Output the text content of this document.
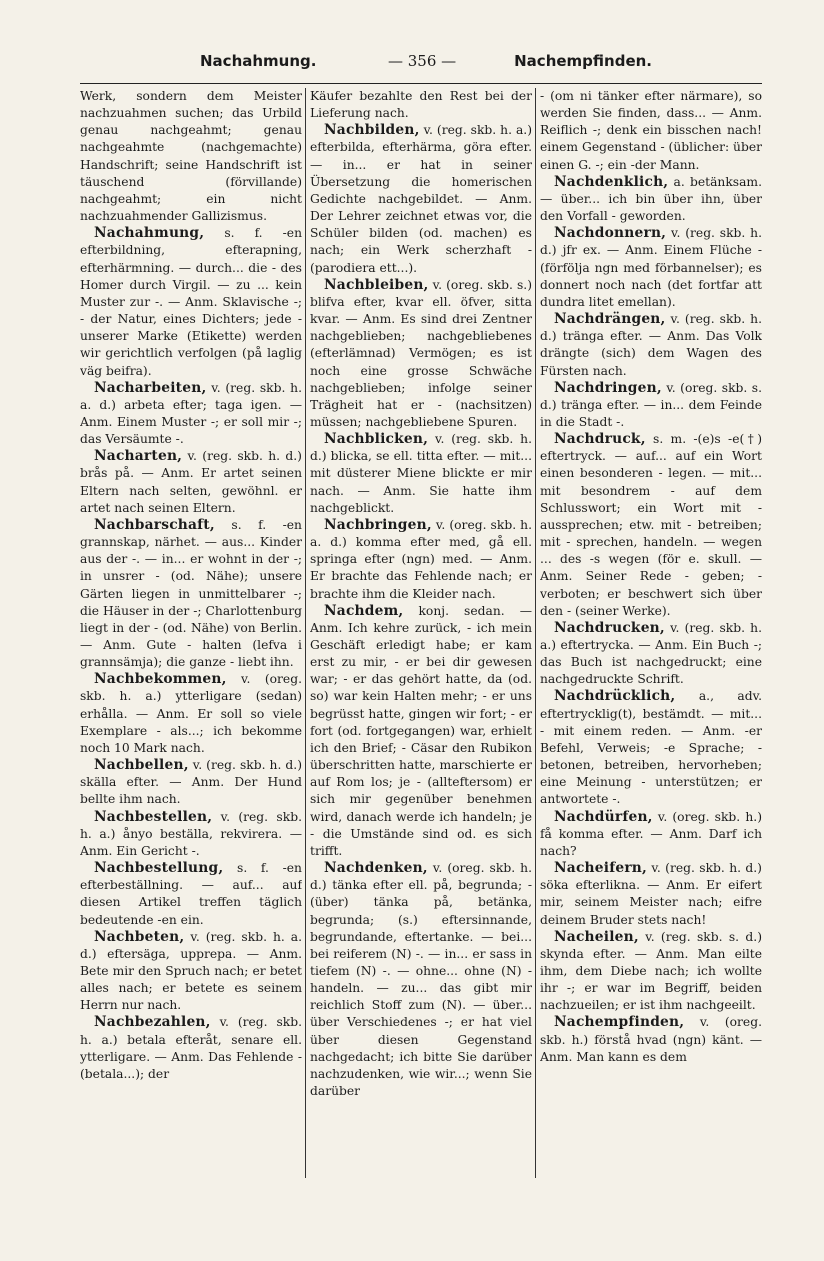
Nachahmung.	— 356 —	Nachempfinden.

Werk, sondern dem Meister nachzuahmen suchen; das Urbild genau nachgeahmt; genau nachgeahmte (nachgemachte) Handschrift; seine Handschrift ist täuschend (förvillande) nachgeahmt; ein nicht nachzuahmender Gallizismus.

Nachahmung, s. f. -en efterbildning, efterapning, efterhärmning. — durch... die - des Homer durch Virgil. — zu ... kein Muster zur -. — Anm. Sklavische -; - der Natur, eines Dichters; jede - unserer Marke (Etikette) werden wir gerichtlich verfolgen (på laglig väg beifra).

Nacharbeiten, v. (reg. skb. h. a. d.) arbeta efter; taga igen. — Anm. Einem Muster -; er soll mir -; das Versäumte -.

Nacharten, v. (reg. skb. h. d.) brås på. — Anm. Er artet seinen Eltern nach selten, gewöhnl. er artet nach seinen Eltern.

Nachbarschaft, s. f. -en grannskap, närhet. — aus... Kinder aus der -. — in... er wohnt in der -; in unsrer - (od. Nähe); unsere Gärten liegen in unmittelbarer -; die Häuser in der -; Charlottenburg liegt in der - (od. Nähe) von Berlin. — Anm. Gute - halten (lefva i grannsämja); die ganze - liebt ihn.

Nachbekommen, v. (oreg. skb. h. a.) ytterligare (sedan) erhålla. — Anm. Er soll so viele Exemplare - als...; ich bekomme noch 10 Mark nach.

Nachbellen, v. (reg. skb. h. d.) skälla efter. — Anm. Der Hund bellte ihm nach.

Nachbestellen, v. (reg. skb. h. a.) ånyo beställa, rekvirera. — Anm. Ein Gericht -.

Nachbestellung, s. f. -en efterbeställning. — auf... auf diesen Artikel treffen täglich bedeutende -en ein.

Nachbeten, v. (reg. skb. h. a. d.) eftersäga, upprepa. — Anm. Bete mir den Spruch nach; er betet alles nach; er betete es seinem Herrn nur nach.

Nachbezahlen, v. (reg. skb. h. a.) betala efteråt, senare ell. ytterligare. — Anm. Das Fehlende - (betala...); der

Käufer bezahlte den Rest bei der Lieferung nach.

Nachbilden, v. (reg. skb. h. a.) efterbilda, efterhärma, göra efter. — in... er hat in seiner Übersetzung die homerischen Gedichte nachgebildet. — Anm. Der Lehrer zeichnet etwas vor, die Schüler bilden (od. machen) es nach; ein Werk scherzhaft - (parodiera ett...).

Nachbleiben, v. (oreg. skb. s.) blifva efter, kvar ell. öfver, sitta kvar. — Anm. Es sind drei Zentner nachgeblieben; nachgebliebenes (efterlämnad) Vermögen; es ist noch eine grosse Schwäche nachgeblieben; infolge seiner Trägheit hat er - (nachsitzen) müssen; nachgebliebene Spuren.

Nachblicken, v. (reg. skb. h. d.) blicka, se ell. titta efter. — mit... mit düsterer Miene blickte er mir nach. — Anm. Sie hatte ihm nachgeblickt.

Nachbringen, v. (oreg. skb. h. a. d.) komma efter med, gå ell. springa efter (ngn) med. — Anm. Er brachte das Fehlende nach; er brachte ihm die Kleider nach.

Nachdem, konj. sedan. — Anm. Ich kehre zurück, - ich mein Geschäft erledigt habe; er kam erst zu mir, - er bei dir gewesen war; - er das gehört hatte, da (od. so) war kein Halten mehr; - er uns begrüsst hatte, gingen wir fort; - er fort (od. fortgegangen) war, erhielt ich den Brief; - Cäsar den Rubikon überschritten hatte, marschierte er auf Rom los; je - (allteftersom) er sich mir gegenüber benehmen wird, danach werde ich handeln; je - die Umstände sind od. es sich trifft.

Nachdenken, v. (oreg. skb. h. d.) tänka efter ell. på, begrunda; - (über) tänka på, betänka, begrunda; (s.) eftersinnande, begrundande, eftertanke. — bei... bei reiferem (N) -. — in... er sass in tiefem (N) -. — ohne... ohne (N) - handeln. — zu... das gibt mir reichlich Stoff zum (N). — über... über Verschiedenes -; er hat viel über diesen Gegenstand nachgedacht; ich bitte Sie darüber nachzudenken, wie wir...; wenn Sie darüber

- (om ni tänker efter närmare), so werden Sie finden, dass... — Anm. Reiflich -; denk ein bisschen nach! einem Gegenstand - (üblicher: über einen G. -; ein -der Mann.

Nachdenklich, a. betänksam. — über... ich bin über ihn, über den Vorfall - geworden.

Nachdonnern, v. (reg. skb. h. d.) jfr ex. — Anm. Einem Flüche - (förfölja ngn med förbannelser); es donnert noch nach (det fortfar att dundra litet emellan).

Nachdrängen, v. (reg. skb. h. d.) tränga efter. — Anm. Das Volk drängte (sich) dem Wagen des Fürsten nach.

Nachdringen, v. (oreg. skb. s. d.) tränga efter. — in... dem Feinde in die Stadt -.

Nachdruck, s. m. -(e)s -e(†) eftertryck. — auf... auf ein Wort einen besonderen - legen. — mit... mit besondrem - auf dem Schlusswort; ein Wort mit - aussprechen; etw. mit - betreiben; mit - sprechen, handeln. — wegen ... des -s wegen (för e. skull. — Anm. Seiner Rede - geben; - verboten; er beschwert sich über den - (seiner Werke).

Nachdrucken, v. (reg. skb. h. a.) eftertrycka. — Anm. Ein Buch -; das Buch ist nachgedruckt; eine nachgedruckte Schrift.

Nachdrücklich, a., adv. eftertrycklig(t), bestämdt. — mit... - mit einem reden. — Anm. -er Befehl, Verweis; -e Sprache; - betonen, betreiben, hervorheben; eine Meinung - unterstützen; er antwortete -.

Nachdürfen, v. (oreg. skb. h.) få komma efter. — Anm. Darf ich nach?

Nacheifern, v. (reg. skb. h. d.) söka efterlikna. — Anm. Er eifert mir, seinem Meister nach; eifre deinem Bruder stets nach!

Nacheilen, v. (reg. skb. s. d.) skynda efter. — Anm. Man eilte ihm, dem Diebe nach; ich wollte ihr -; er war im Begriff, beiden nachzueilen; er ist ihm nachgeeilt.

Nachempfinden, v. (oreg. skb. h.) förstå hvad (ngn) känt. — Anm. Man kann es dem
